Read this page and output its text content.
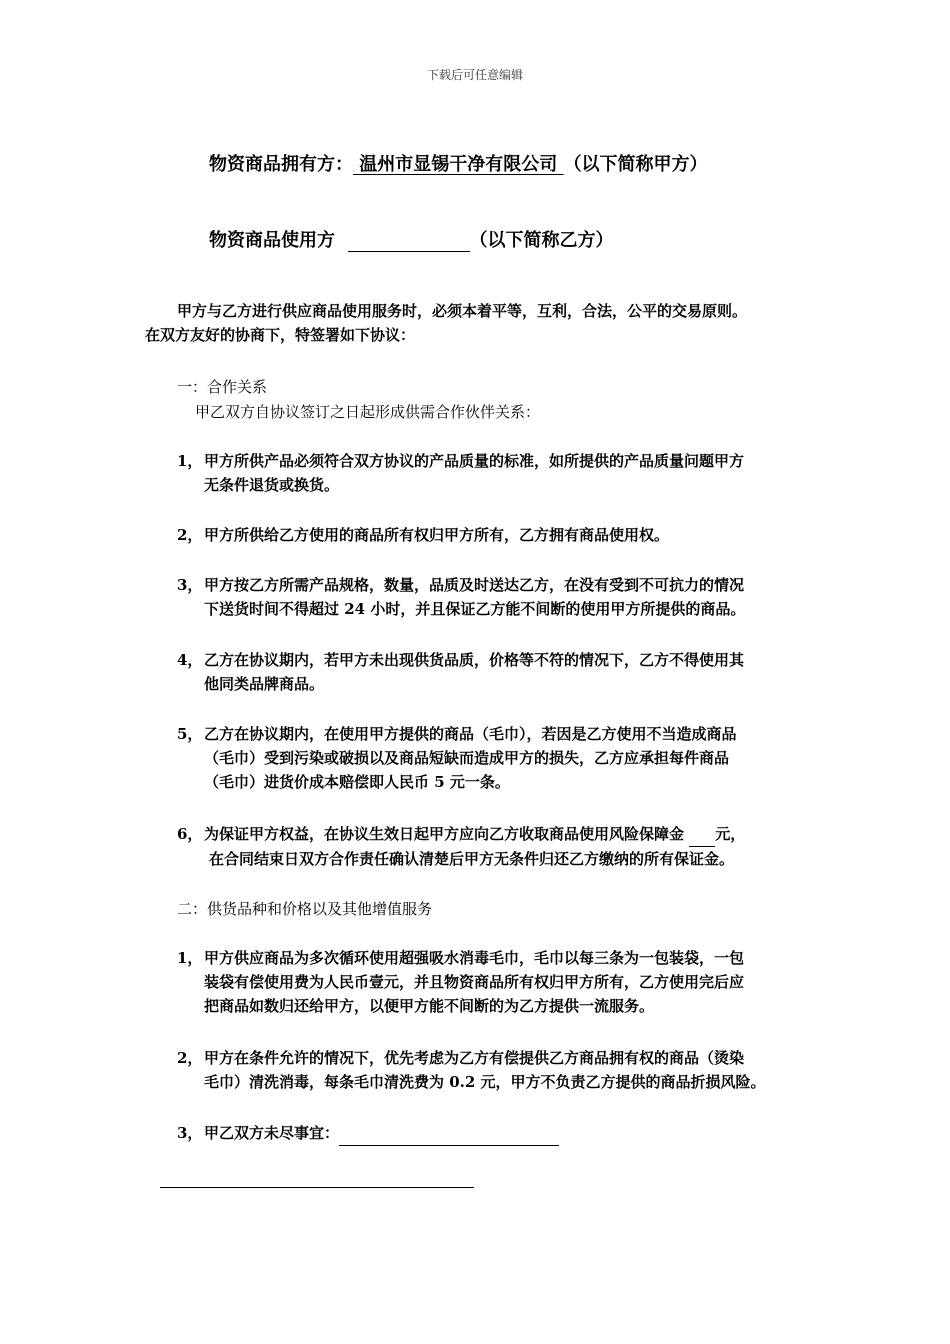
下载后可任意编辑
物资商品拥有方： 温州市显锡干净有限公司 （以下简称甲方）
物资商品使用方	（以下简称乙方）
甲方与乙方进行供应商品使用服务时，必须本着平等，互利，合法，公平的交易原则。
在双方友好的协商下，特签署如下协议：
一：合作关系
甲乙双方自协议签订之日起形成供需合作伙伴关系：
1， 甲方所供产品必须符合双方协议的产品质量的标准，如所提供的产品质量问题甲方
无条件退货或换货。
2， 甲方所供给乙方使用的商品所有权归甲方所有，乙方拥有商品使用权。
3， 甲方按乙方所需产品规格，数量，品质及时送达乙方，在没有受到不可抗力的情况
下送货时间不得超过 24 小时，并且保证乙方能不间断的使用甲方所提供的商品。
4， 乙方在协议期内，若甲方未出现供货品质，价格等不符的情况下，乙方不得使用其
他同类品牌商品。
5， 乙方在协议期内，在使用甲方提供的商品（毛巾），若因是乙方使用不当造成商品
（毛巾）受到污染或破损以及商品短缺而造成甲方的损失，乙方应承担每件商品
（毛巾）进货价成本赔偿即人民币 5 元一条。
6， 为保证甲方权益，在协议生效日起甲方应向乙方收取商品使用风险保障金 元，
在合同结束日双方合作责任确认清楚后甲方无条件归还乙方缴纳的所有保证金。
二：供货品种和价格以及其他增值服务
1， 甲方供应商品为多次循环使用超强吸水消毒毛巾，毛巾以每三条为一包装袋，一包
装袋有偿使用费为人民币壹元，并且物资商品所有权归甲方所有，乙方使用完后应
把商品如数归还给甲方，以便甲方能不间断的为乙方提供一流服务。
2， 甲方在条件允许的情况下，优先考虑为乙方有偿提供乙方商品拥有权的商品（烫染
毛巾）清洗消毒，每条毛巾清洗费为 0.2 元，甲方不负责乙方提供的商品折损风险。
3， 甲乙双方未尽事宜：
